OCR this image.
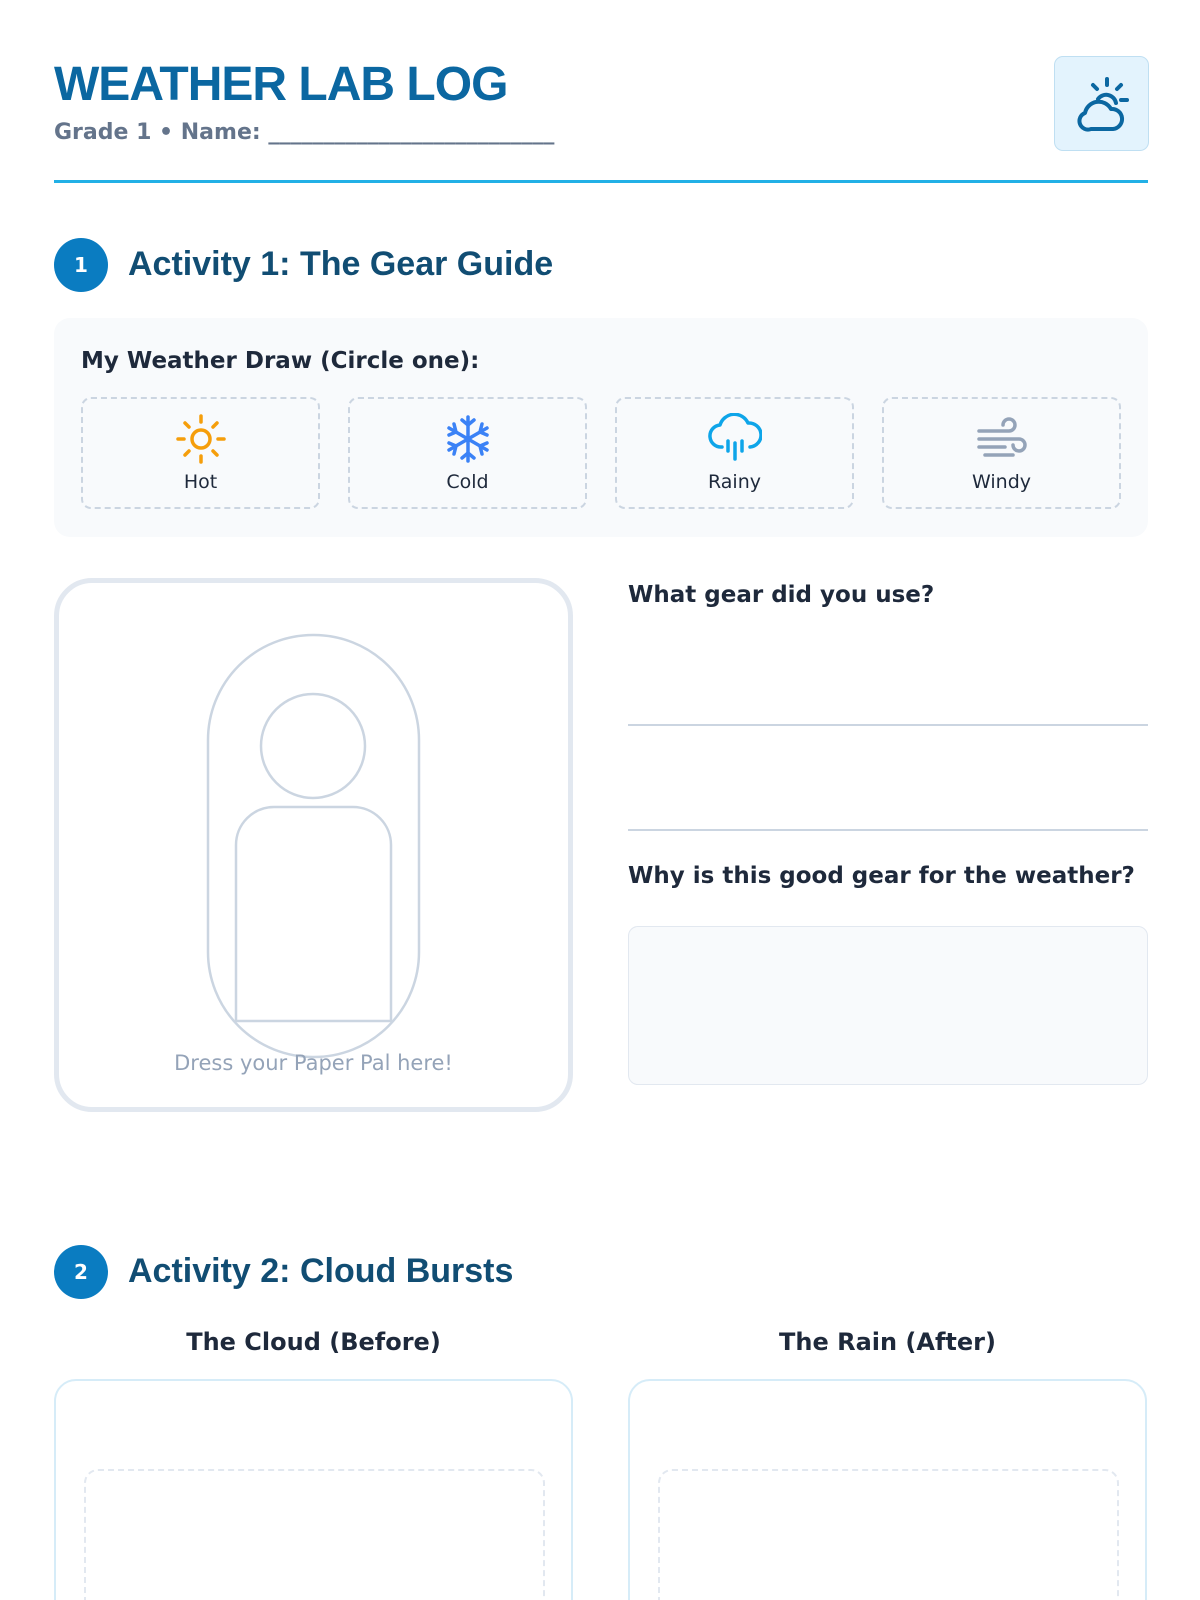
WEATHER LAB LOG
Grade 1 • Name: __________________________
1	Activity 1: The Gear Guide
My Weather Draw (Circle one):
Hot	Cold	Rainy	Windy
Dress your Paper Pal here!
What gear did you use?
Why is this good gear for the weather?
2	Activity 2: Cloud Bursts
The Cloud (Before)	The Rain (After)
